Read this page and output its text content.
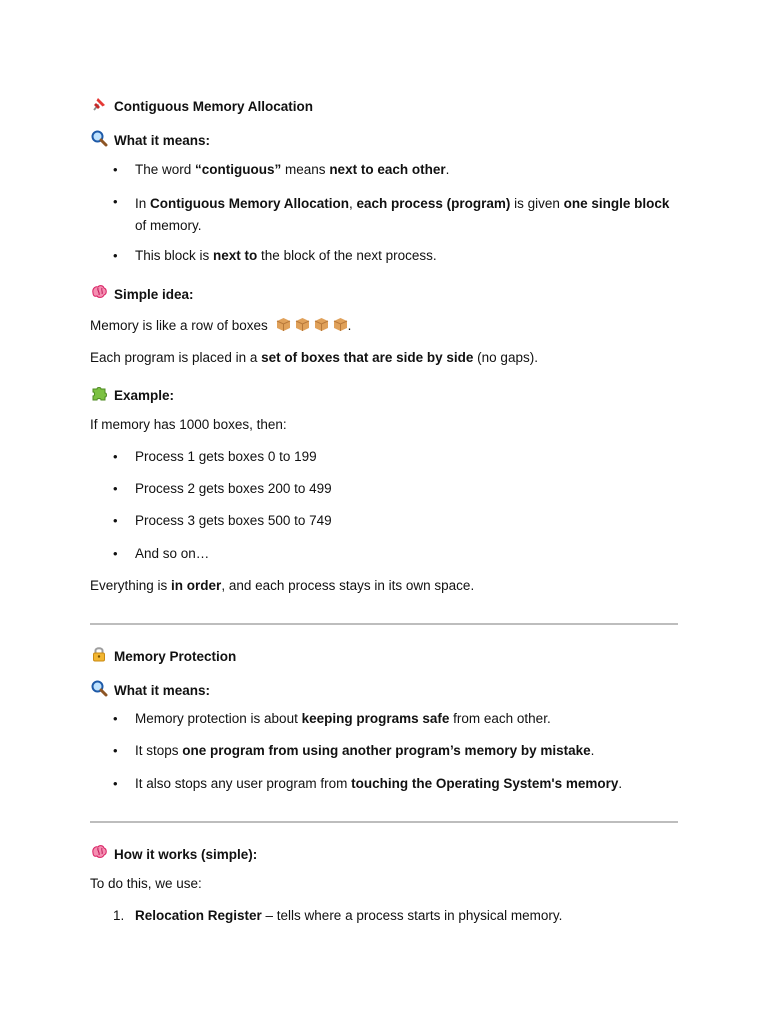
Contiguous Memory Allocation
What it means:
• The word “contiguous” means next to each other.
• In Contiguous Memory Allocation, each process (program) is given one single block of memory.
• This block is next to the block of the next process.
Simple idea:
Memory is like a row of boxes	.
Each program is placed in a set of boxes that are side by side (no gaps).
Example:
If memory has 1000 boxes, then:
• Process 1 gets boxes 0 to 199
• Process 2 gets boxes 200 to 499
• Process 3 gets boxes 500 to 749
• And so on…
Everything is in order, and each process stays in its own space.
Memory Protection
What it means:
• Memory protection is about keeping programs safe from each other.
• It stops one program from using another program’s memory by mistake.
• It also stops any user program from touching the Operating System's memory.
How it works (simple):
To do this, we use:
1. Relocation Register – tells where a process starts in physical memory.
